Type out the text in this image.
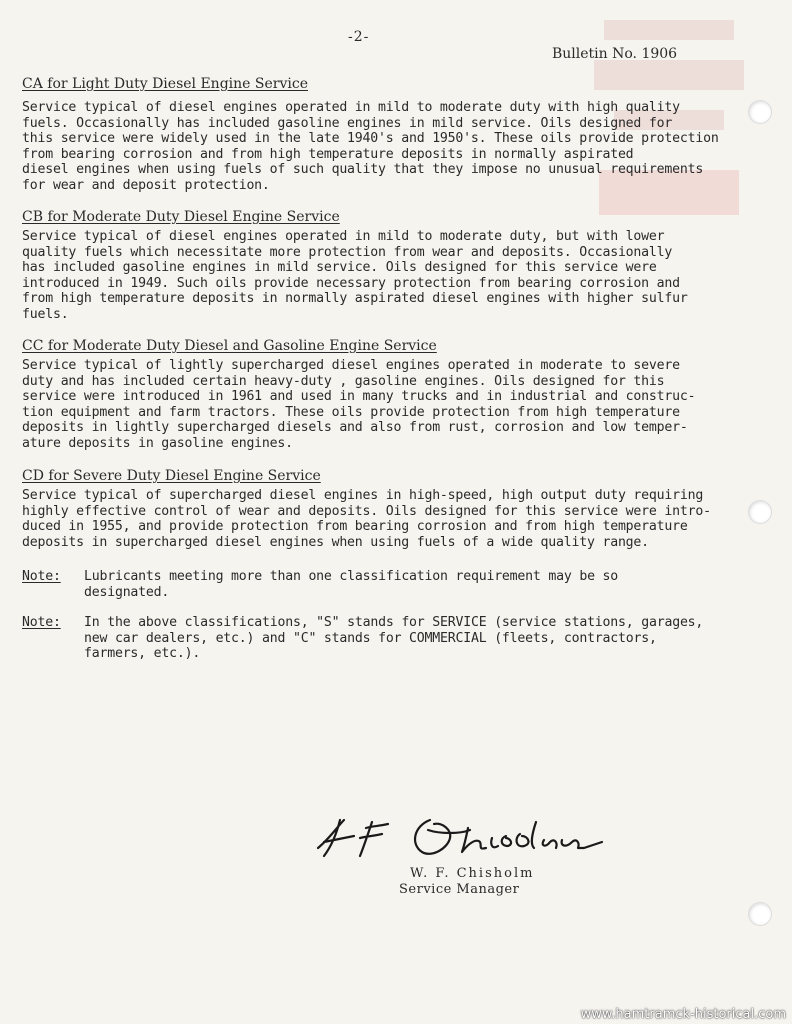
-2-
Bulletin No. 1906
CA for Light Duty Diesel Engine Service

Service typical of diesel engines operated in mild to moderate duty with high quality
fuels. Occasionally has included gasoline engines in mild service. Oils designed for
this service were widely used in the late 1940's and 1950's. These oils provide protection
from bearing corrosion and from high temperature deposits in normally aspirated
diesel engines when using fuels of such quality that they impose no unusual requirements
for wear and deposit protection.

CB for Moderate Duty Diesel Engine Service

Service typical of diesel engines operated in mild to moderate duty, but with lower
quality fuels which necessitate more protection from wear and deposits. Occasionally
has included gasoline engines in mild service. Oils designed for this service were
introduced in 1949. Such oils provide necessary protection from bearing corrosion and
from high temperature deposits in normally aspirated diesel engines with higher sulfur
fuels.

CC for Moderate Duty Diesel and Gasoline Engine Service

Service typical of lightly supercharged diesel engines operated in moderate to severe
duty and has included certain heavy-duty , gasoline engines. Oils designed for this
service were introduced in 1961 and used in many trucks and in industrial and construc-
tion equipment and farm tractors. These oils provide protection from high temperature
deposits in lightly supercharged diesels and also from rust, corrosion and low temper-
ature deposits in gasoline engines.

CD for Severe Duty Diesel Engine Service

Service typical of supercharged diesel engines in high-speed, high output duty requiring
highly effective control of wear and deposits. Oils designed for this service were intro-
duced in 1955, and provide protection from bearing corrosion and from high temperature
deposits in supercharged diesel engines when using fuels of a wide quality range.

Note:	Lubricants meeting more than one classification requirement may be so
designated.
Note:	In the above classifications, "S" stands for SERVICE (service stations, garages,
new car dealers, etc.) and "C" stands for COMMERCIAL (fleets, contractors,
farmers, etc.).
W. F. Chisholm
Service Manager
www.hamtramck-historical.com
